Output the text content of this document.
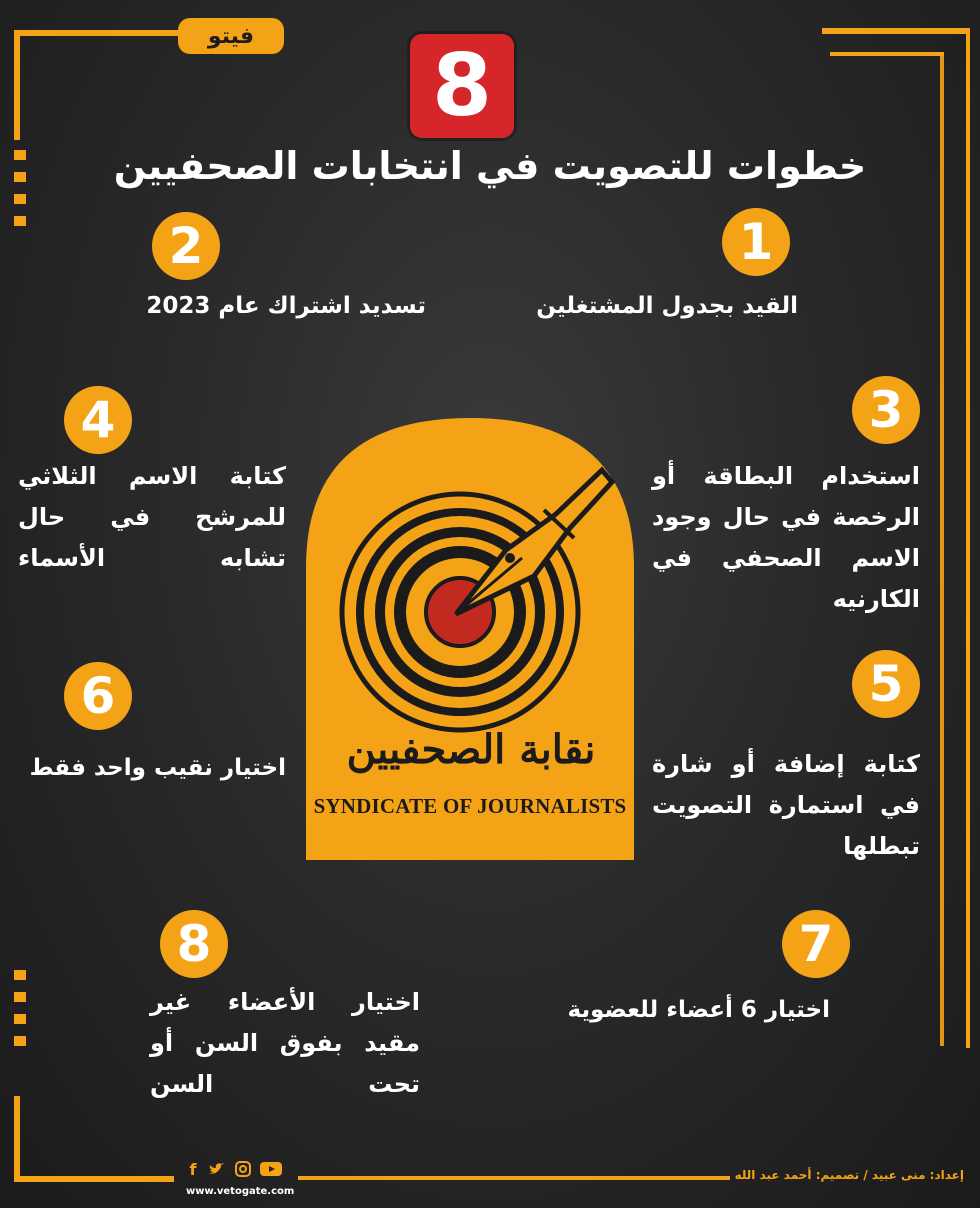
فيتو 8
خطوات للتصويت في انتخابات الصحفيين
1
2
3
4
5
6
7
8
القيد بجدول المشتغلين
تسديد اشتراك عام 2023
استخدام البطاقة أو الرخصة في حال وجود الاسم الصحفي في الكارنيه
كتابة الاسم الثلاثي للمرشح في حال تشابه الأسماء
كتابة إضافة أو شارة في استمارة التصويت تبطلها
اختيار نقيب واحد فقط
اختيار 6 أعضاء للعضوية
اختيار الأعضاء غير مقيد بفوق السن أو تحت السن
نقابة الصحفيين
SYNDICATE OF JOURNALISTS
f
www.vetogate.com
إعداد: منى عبيد / تصميم: أحمد عبد الله
